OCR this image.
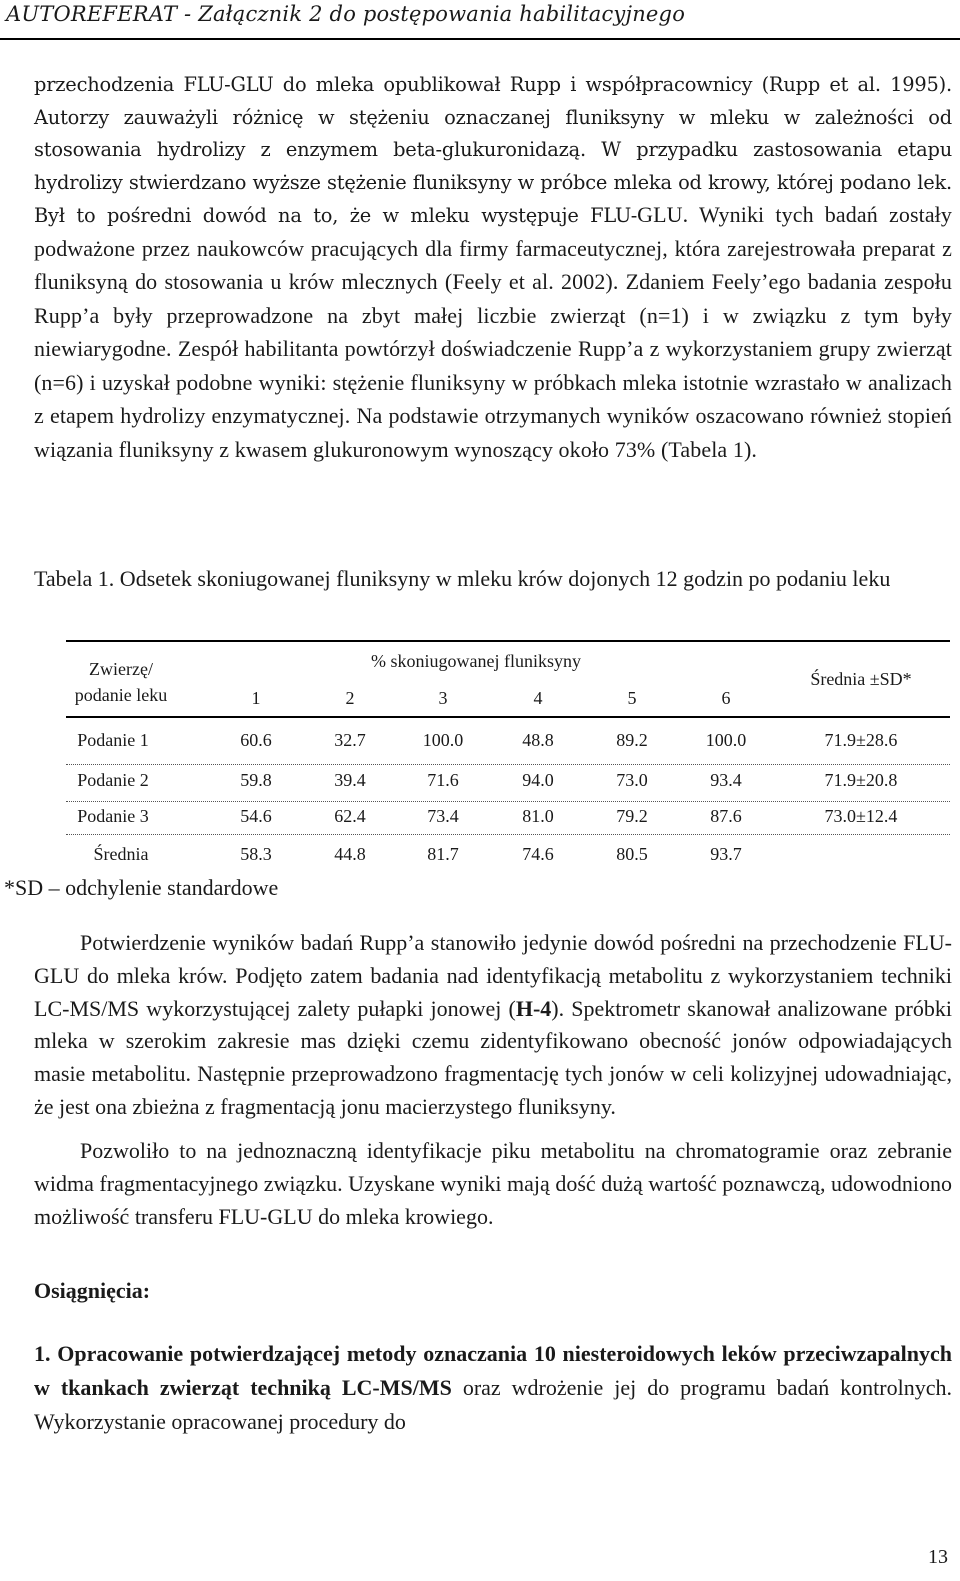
AUTOREFERAT - Załącznik 2 do postępowania habilitacyjnego

przechodzenia FLU-GLU do mleka opublikował Rupp i współpracownicy (Rupp et al. 1995). Autorzy zauważyli różnicę w stężeniu oznaczanej fluniksyny w mleku w zależności od stosowania hydrolizy z enzymem beta-glukuronidazą. W przypadku zastosowania etapu hydrolizy stwierdzano wyższe stężenie fluniksyny w próbce mleka od krowy, której podano lek. Był to pośredni dowód na to, że w mleku występuje FLU-GLU. Wyniki tych badań zostały podważone przez naukowców pracujących dla firmy farmaceutycznej, która zarejestrowała preparat z fluniksyną do stosowania u krów mlecznych (Feely et al. 2002). Zdaniem Feely’ego badania zespołu Rupp’a były przeprowadzone na zbyt małej liczbie zwierząt (n=1) i w związku z tym były niewiarygodne. Zespół habilitanta powtórzył doświadczenie Rupp’a z wykorzystaniem grupy zwierząt (n=6) i uzyskał podobne wyniki: stężenie fluniksyny w próbkach mleka istotnie wzrastało w analizach z etapem hydrolizy enzymatycznej. Na podstawie otrzymanych wyników oszacowano również stopień wiązania fluniksyny z kwasem glukuronowym wynoszący około 73% (Tabela 1).

Tabela 1. Odsetek skoniugowanej fluniksyny w mleku krów dojonych 12 godzin po podaniu leku

Zwierzę/ podanie leku
% skoniugowanej fluniksyny
Średnia ±SD*
1	2	3	4	5	6
Podanie 1	60.6	32.7	100.0	48.8	89.2	100.0	71.9±28.6
Podanie 2	59.8	39.4	71.6	94.0	73.0	93.4	71.9±20.8
Podanie 3	54.6	62.4	73.4	81.0	79.2	87.6	73.0±12.4
Średnia	58.3	44.8	81.7	74.6	80.5	93.7

*SD – odchylenie standardowe

Potwierdzenie wyników badań Rupp’a stanowiło jedynie dowód pośredni na przechodzenie FLU-GLU do mleka krów. Podjęto zatem badania nad identyfikacją metabolitu z wykorzystaniem techniki LC-MS/MS wykorzystującej zalety pułapki jonowej (H-4). Spektrometr skanował analizowane próbki mleka w szerokim zakresie mas dzięki czemu zidentyfikowano obecność jonów odpowiadających masie metabolitu. Następnie przeprowadzono fragmentację tych jonów w celi kolizyjnej udowadniając, że jest ona zbieżna z fragmentacją jonu macierzystego fluniksyny.

Pozwoliło to na jednoznaczną identyfikacje piku metabolitu na chromatogramie oraz zebranie widma fragmentacyjnego związku. Uzyskane wyniki mają dość dużą wartość poznawczą, udowodniono możliwość transferu FLU-GLU do mleka krowiego.

Osiągnięcia:

1. Opracowanie potwierdzającej metody oznaczania 10 niesteroidowych leków przeciwzapalnych w tkankach zwierząt techniką LC-MS/MS oraz wdrożenie jej do programu badań kontrolnych. Wykorzystanie opracowanej procedury do

13
